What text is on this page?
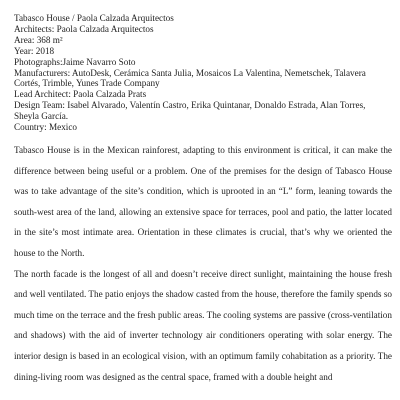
Tabasco House / Paola Calzada Arquitectos
Architects: Paola Calzada Arquitectos
Area: 368 m²
Year: 2018
Photographs:Jaime Navarro Soto
Manufacturers: AutoDesk, Cerámica Santa Julia, Mosaicos La Valentina, Nemetschek, Talavera Cortés, Trimble, Yunes Trade Company
Lead Architect: Paola Calzada Prats
Design Team: Isabel Alvarado, Valentín Castro, Erika Quintanar, Donaldo Estrada, Alan Torres, Sheyla García.
Country: Mexico

Tabasco House is in the Mexican rainforest, adapting to this environment is critical, it can make the difference between being useful or a problem. One of the premises for the design of Tabasco House was to take advantage of the site’s condition, which is uprooted in an “L” form, leaning towards the south-west area of the land, allowing an extensive space for terraces, pool and patio, the latter located in the site’s most intimate area. Orientation in these climates is crucial, that’s why we oriented the house to the North.

The north facade is the longest of all and doesn’t receive direct sunlight, maintaining the house fresh and well ventilated. The patio enjoys the shadow casted from the house, therefore the family spends so much time on the terrace and the fresh public areas. The cooling systems are passive (cross-ventilation and shadows) with the aid of inverter technology air conditioners operating with solar energy. The interior design is based in an ecological vision, with an optimum family cohabitation as a priority. The dining-living room was designed as the central space, framed with a double height and
